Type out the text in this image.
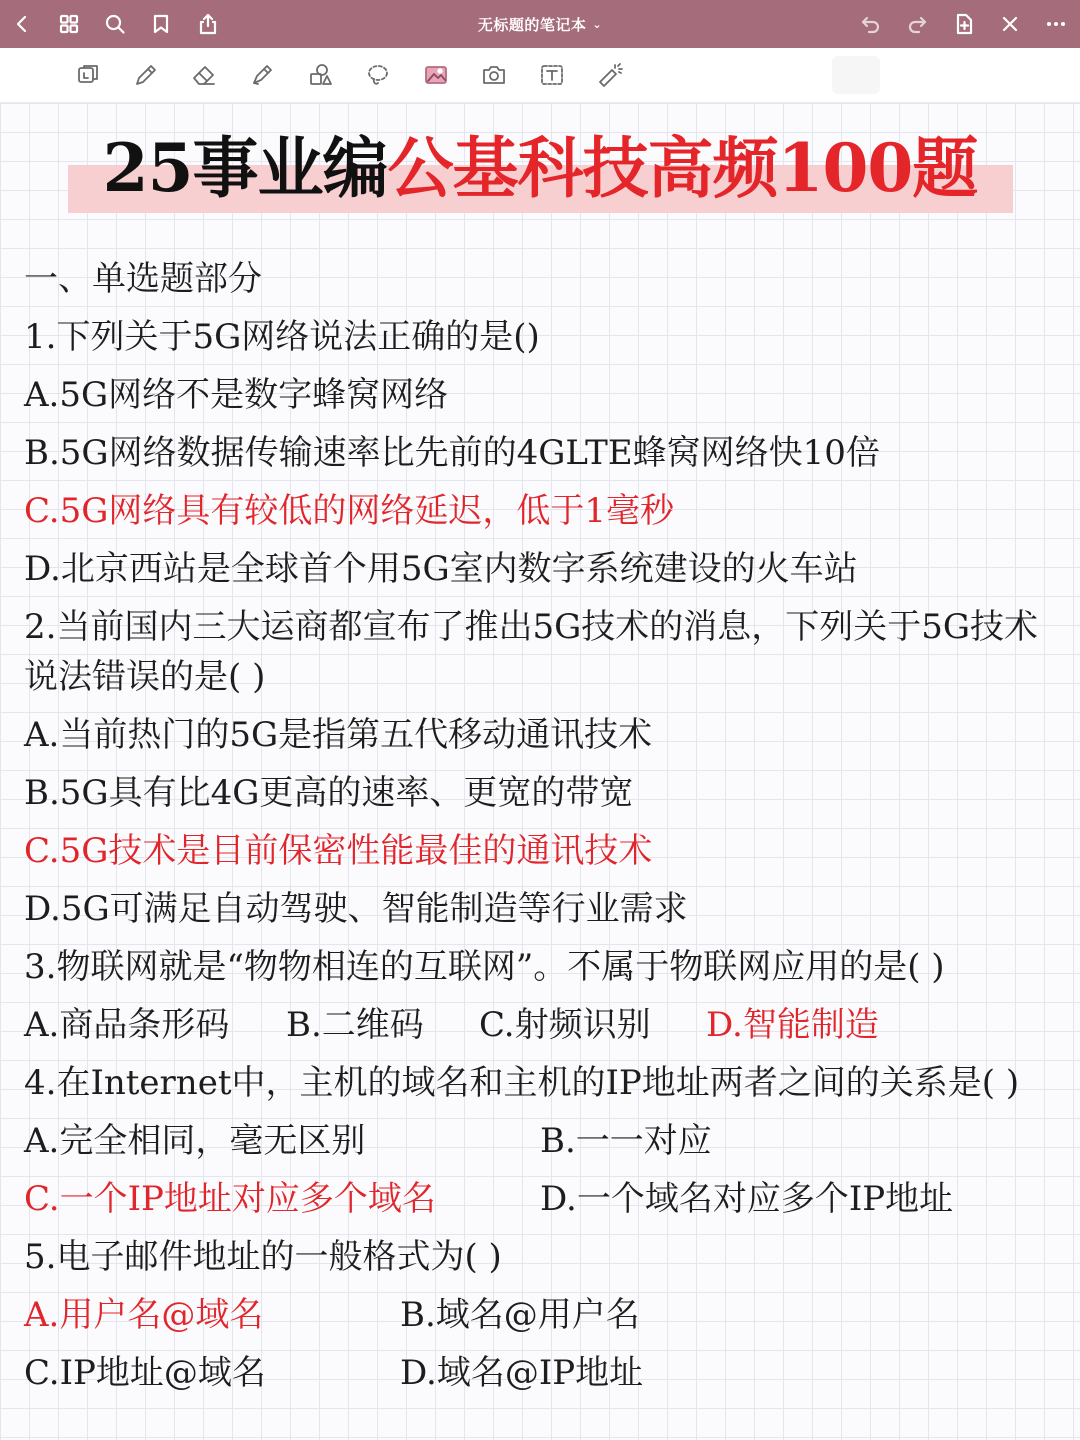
无标题的笔记本 ⌄
25事业编公基科技高频100题
一、单选题部分
1.下列关于5G网络说法正确的是()
A.5G网络不是数字蜂窝网络
B.5G网络数据传输速率比先前的4GLTE蜂窝网络快10倍
C.5G网络具有较低的网络延迟，低于1毫秒
D.北京西站是全球首个用5G室内数字系统建设的火车站
2.当前国内三大运商都宣布了推出5G技术的消息，下列关于5G技术
说法错误的是( )
A.当前热门的5G是指第五代移动通讯技术
B.5G具有比4G更高的速率、更宽的带宽
C.5G技术是目前保密性能最佳的通讯技术
D.5G可满足自动驾驶、智能制造等行业需求
3.物联网就是“物物相连的互联网”。不属于物联网应用的是( )
A.商品条形码 B.二维码 C.射频识别 D.智能制造
4.在Internet中，主机的域名和主机的IP地址两者之间的关系是( )
A.完全相同，毫无区别	B.一一对应
C.一个IP地址对应多个域名	D.一个域名对应多个IP地址
5.电子邮件地址的一般格式为( )
A.用户名@域名	B.域名@用户名
C.IP地址@域名	D.域名@IP地址
